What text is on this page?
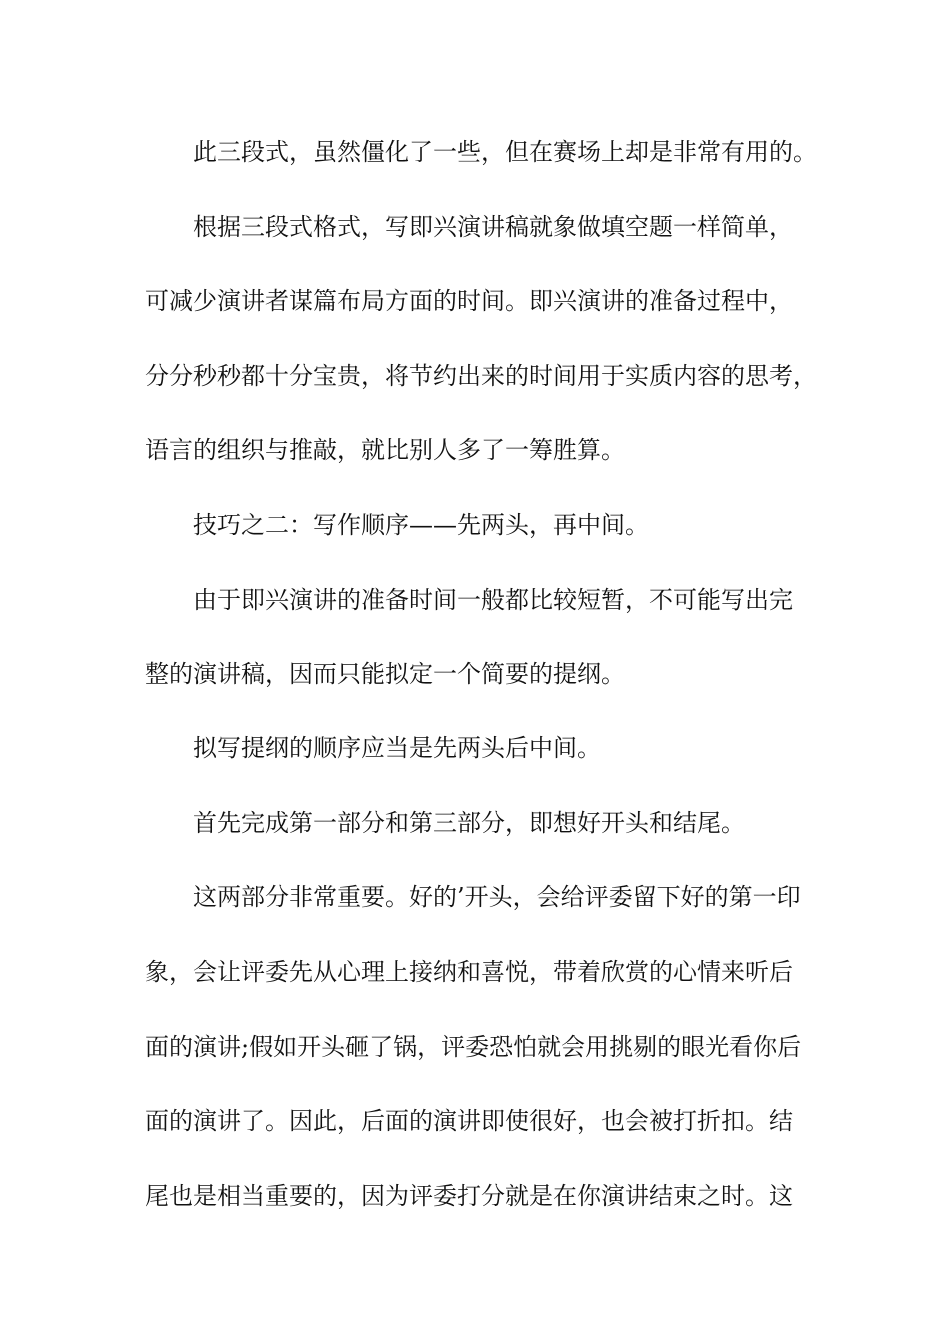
此三段式，虽然僵化了一些，但在赛场上却是非常有用的。

根据三段式格式，写即兴演讲稿就象做填空题一样简单，

可减少演讲者谋篇布局方面的时间。即兴演讲的准备过程中，

分分秒秒都十分宝贵，将节约出来的时间用于实质内容的思考，

语言的组织与推敲，就比别人多了一筹胜算。

技巧之二：写作顺序——先两头，再中间。

由于即兴演讲的准备时间一般都比较短暂，不可能写出完

整的演讲稿，因而只能拟定一个简要的提纲。

拟写提纲的顺序应当是先两头后中间。

首先完成第一部分和第三部分，即想好开头和结尾。

这两部分非常重要。好的’开头，会给评委留下好的第一印

象，会让评委先从心理上接纳和喜悦，带着欣赏的心情来听后

面的演讲;假如开头砸了锅，评委恐怕就会用挑剔的眼光看你后

面的演讲了。因此，后面的演讲即使很好，也会被打折扣。结

尾也是相当重要的，因为评委打分就是在你演讲结束之时。这
